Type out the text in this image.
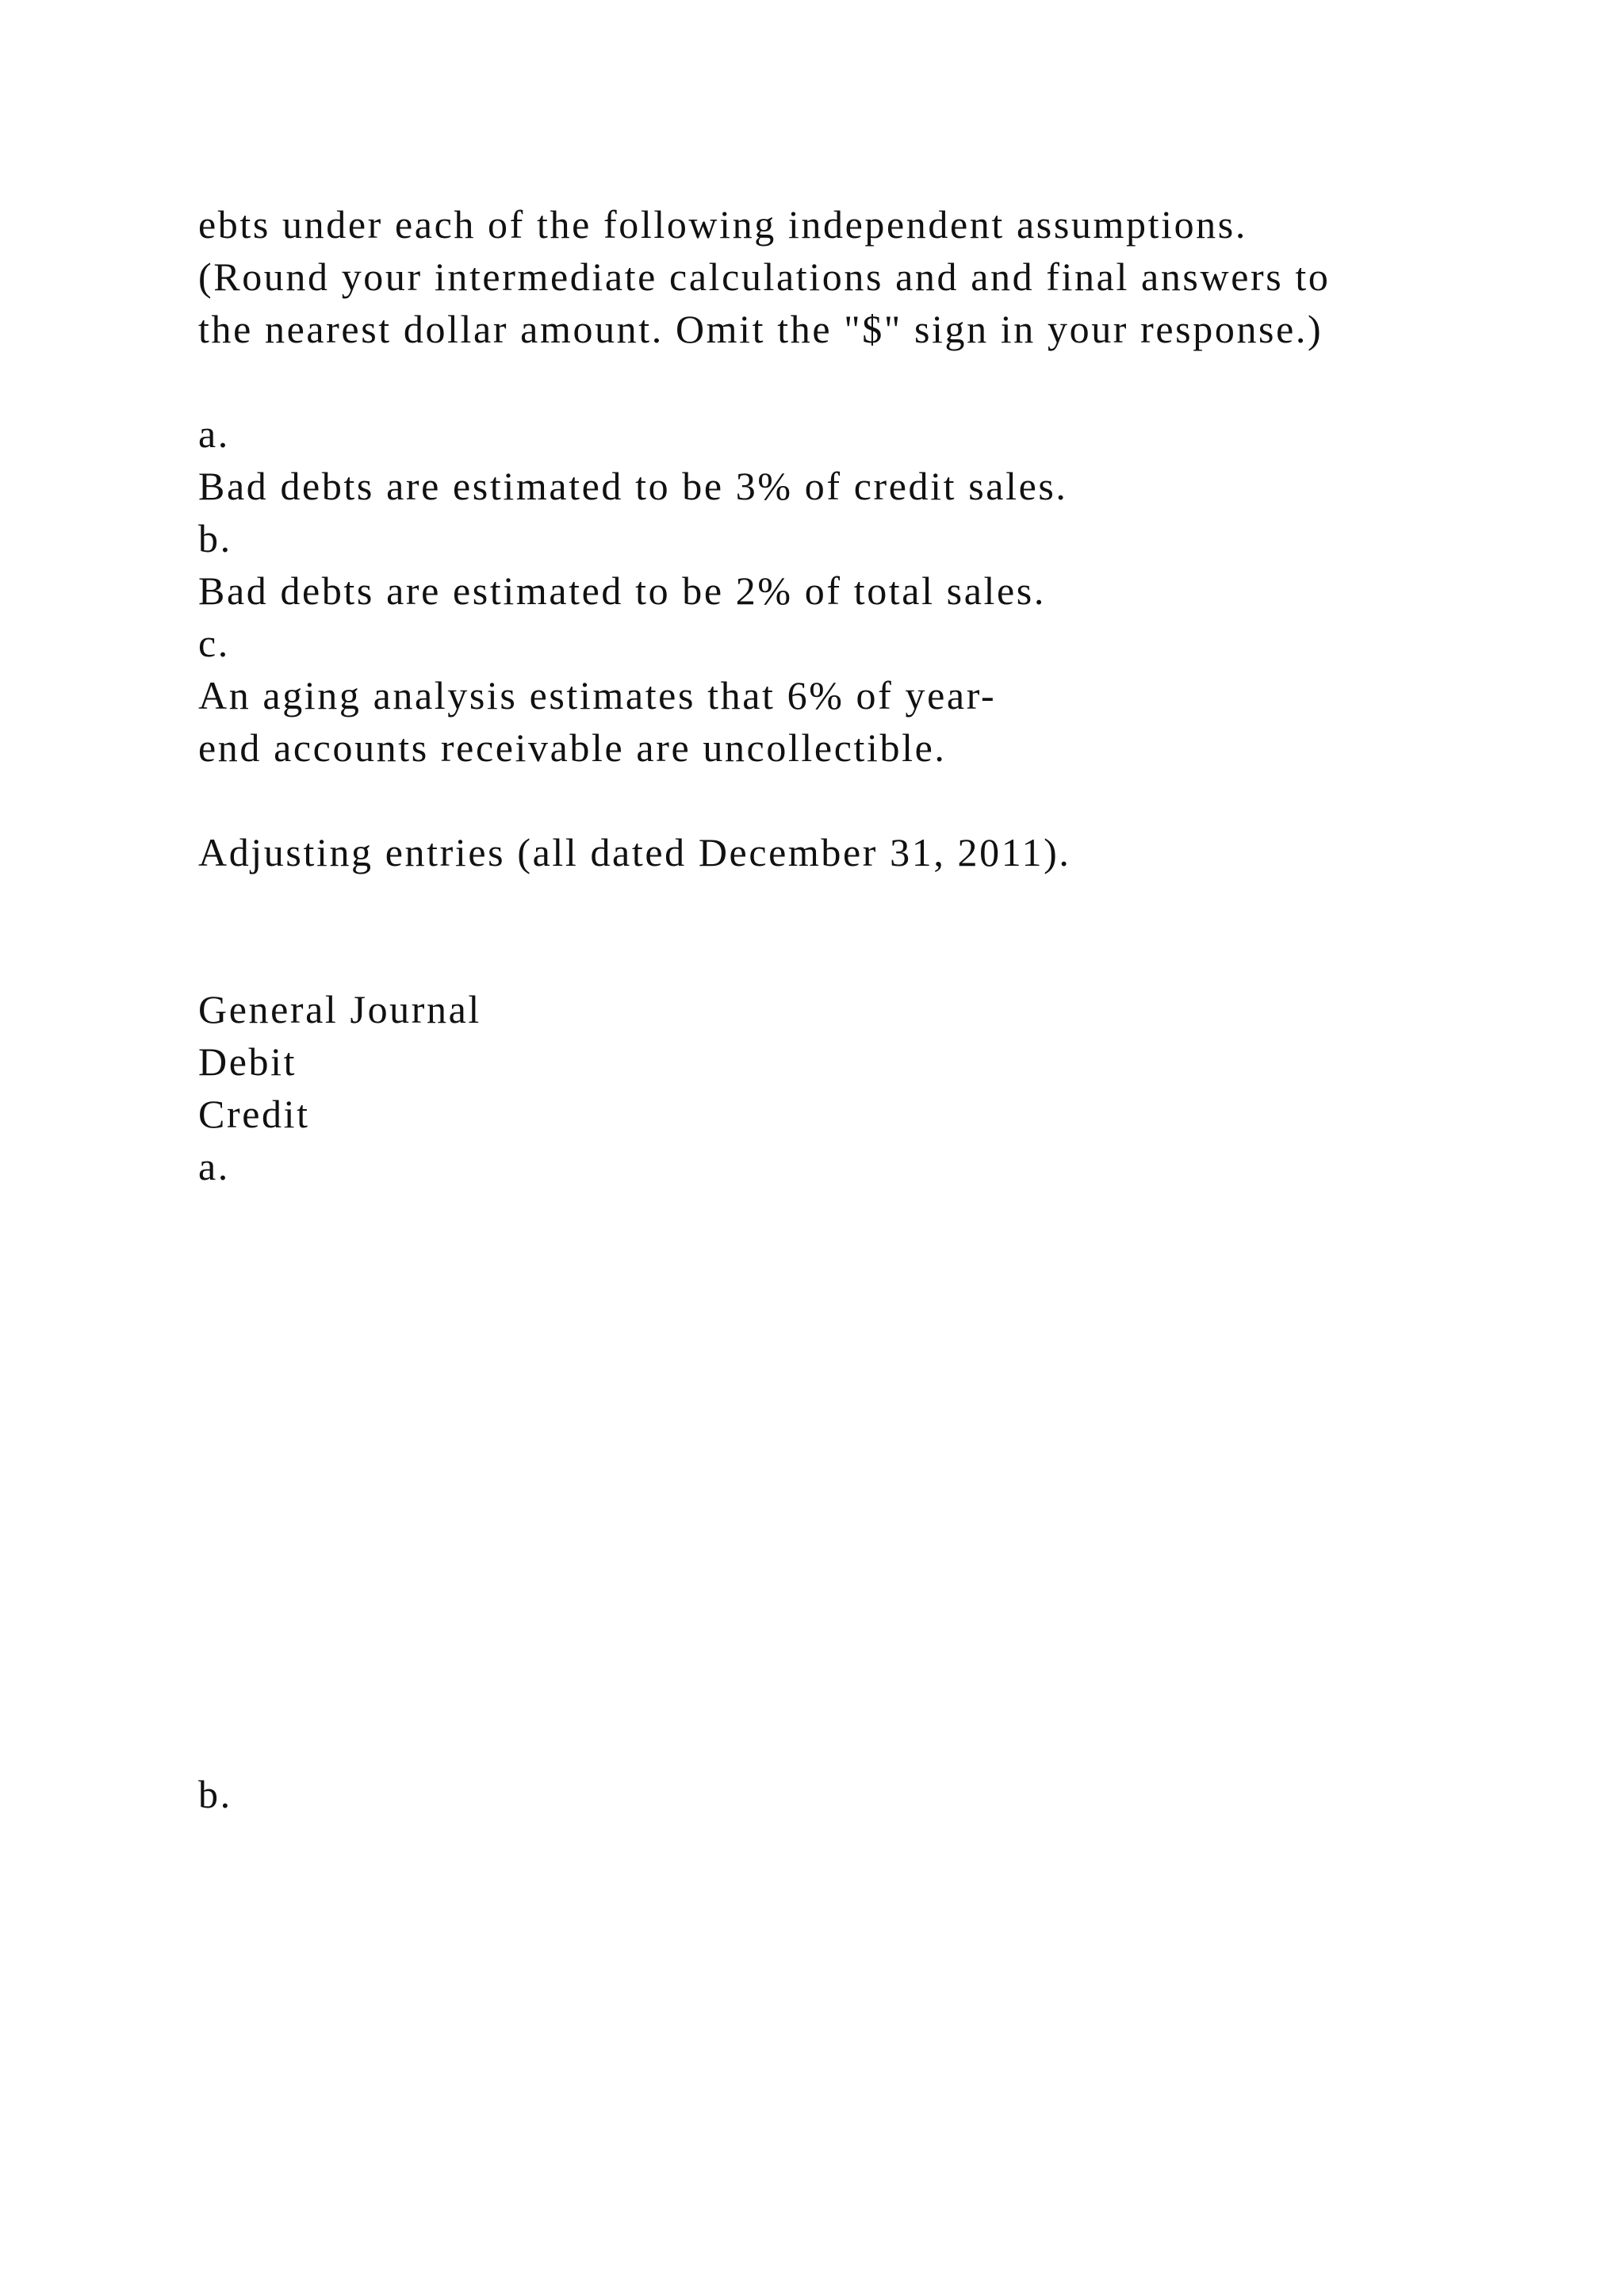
ebts under each of the following independent assumptions.

(Round your intermediate calculations and and final answers to

the nearest dollar amount. Omit the "$" sign in your response.)

a.

Bad debts are estimated to be 3% of credit sales.

b.

Bad debts are estimated to be 2% of total sales.

c.

An aging analysis estimates that 6% of year-

end accounts receivable are uncollectible.

Adjusting entries (all dated December 31, 2011).

General Journal

Debit

Credit

a.

b.
